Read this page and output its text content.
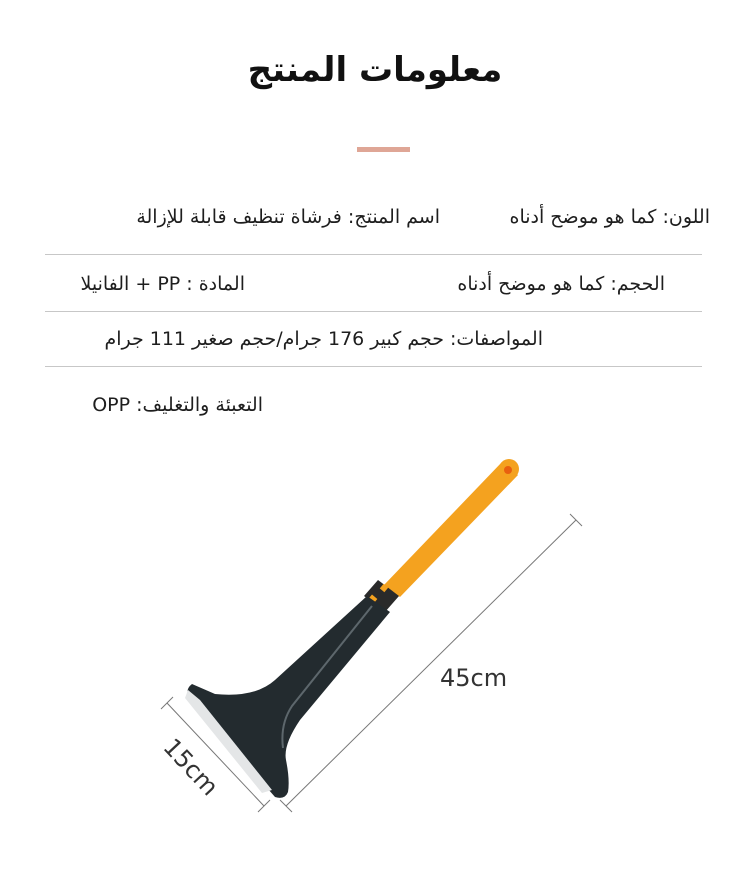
معلومات المنتج
اللون: كما هو موضح أدناه
اسم المنتج: فرشاة تنظيف قابلة للإزالة
الحجم: كما هو موضح أدناه
المادة : PP + الفانيلا
المواصفات: حجم كبير 176 جرام/حجم صغير 111 جرام
التعبئة والتغليف: OPP
45cm
15cm
